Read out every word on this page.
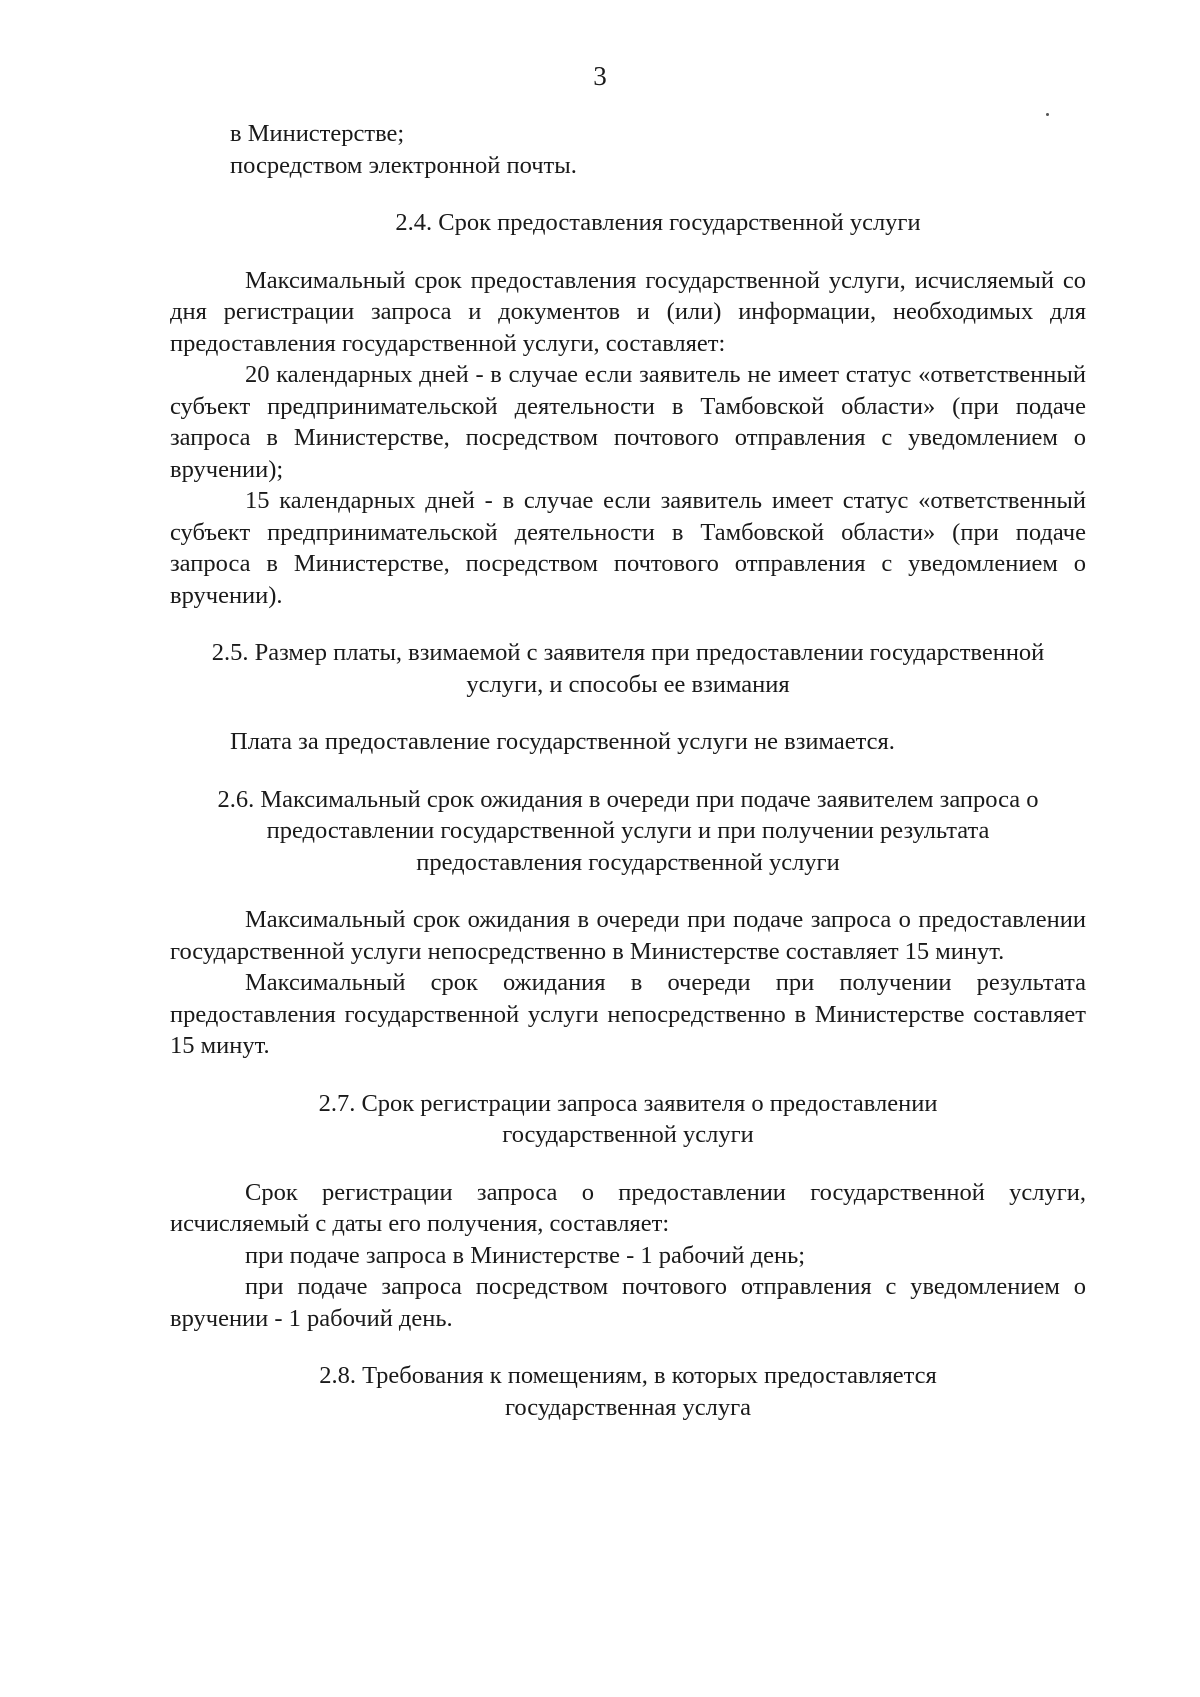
3

в Министерстве;

посредством электронной почты.

2.4. Срок предоставления государственной услуги

Максимальный срок предоставления государственной услуги, исчисляемый со дня регистрации запроса и документов и (или) информации, необходимых для предоставления государственной услуги, составляет:

20 календарных дней - в случае если заявитель не имеет статус «ответственный субъект предпринимательской деятельности в Тамбовской области» (при подаче запроса в Министерстве, посредством почтового отправления с уведомлением о вручении);

15 календарных дней - в случае если заявитель имеет статус «ответственный субъект предпринимательской деятельности в Тамбовской области» (при подаче запроса в Министерстве, посредством почтового отправления с уведомлением о вручении).

2.5. Размер платы, взимаемой с заявителя при предоставлении государственной

услуги, и способы ее взимания

Плата за предоставление государственной услуги не взимается.

2.6. Максимальный срок ожидания в очереди при подаче заявителем запроса о

предоставлении государственной услуги и при получении результата

предоставления государственной услуги

Максимальный срок ожидания в очереди при подаче запроса о предоставлении государственной услуги непосредственно в Министерстве составляет 15 минут.

Максимальный срок ожидания в очереди при получении результата предоставления государственной услуги непосредственно в Министерстве составляет 15 минут.

2.7. Срок регистрации запроса заявителя о предоставлении

государственной услуги

Срок регистрации запроса о предоставлении государственной услуги, исчисляемый с даты его получения, составляет:

при подаче запроса в Министерстве - 1 рабочий день;

при подаче запроса посредством почтового отправления с уведомлением о вручении - 1 рабочий день.

2.8. Требования к помещениям, в которых предоставляется

государственная услуга
